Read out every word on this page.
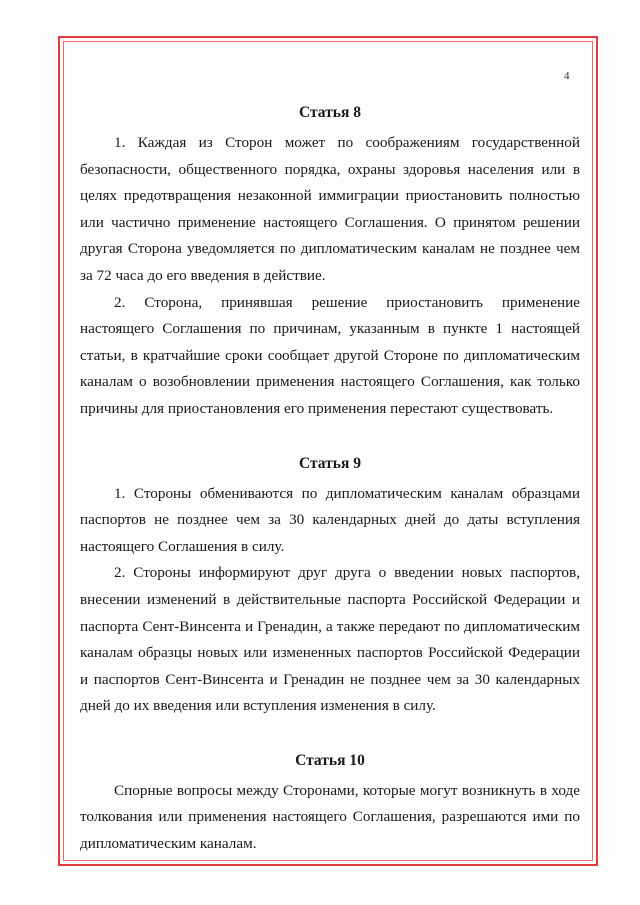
4

Статья 8

1. Каждая из Сторон может по соображениям государственной безопасности, общественного порядка, охраны здоровья населения или в целях предотвращения незаконной иммиграции приостановить полностью или частично применение настоящего Соглашения. О принятом решении другая Сторона уведомляется по дипломатическим каналам не позднее чем за 72 часа до его введения в действие.

2. Сторона, принявшая решение приостановить применение настоящего Соглашения по причинам, указанным в пункте 1 настоящей статьи, в кратчайшие сроки сообщает другой Стороне по дипломатическим каналам о возобновлении применения настоящего Соглашения, как только причины для приостановления его применения перестают существовать.

Статья 9

1. Стороны обмениваются по дипломатическим каналам образцами паспортов не позднее чем за 30 календарных дней до даты вступления настоящего Соглашения в силу.

2. Стороны информируют друг друга о введении новых паспортов, внесении изменений в действительные паспорта Российской Федерации и паспорта Сент-Винсента и Гренадин, а также передают по дипломатическим каналам образцы новых или измененных паспортов Российской Федерации и паспортов Сент-Винсента и Гренадин не позднее чем за 30 календарных дней до их введения или вступления изменения в силу.

Статья 10

Спорные вопросы между Сторонами, которые могут возникнуть в ходе толкования или применения настоящего Соглашения, разрешаются ими по дипломатическим каналам.
